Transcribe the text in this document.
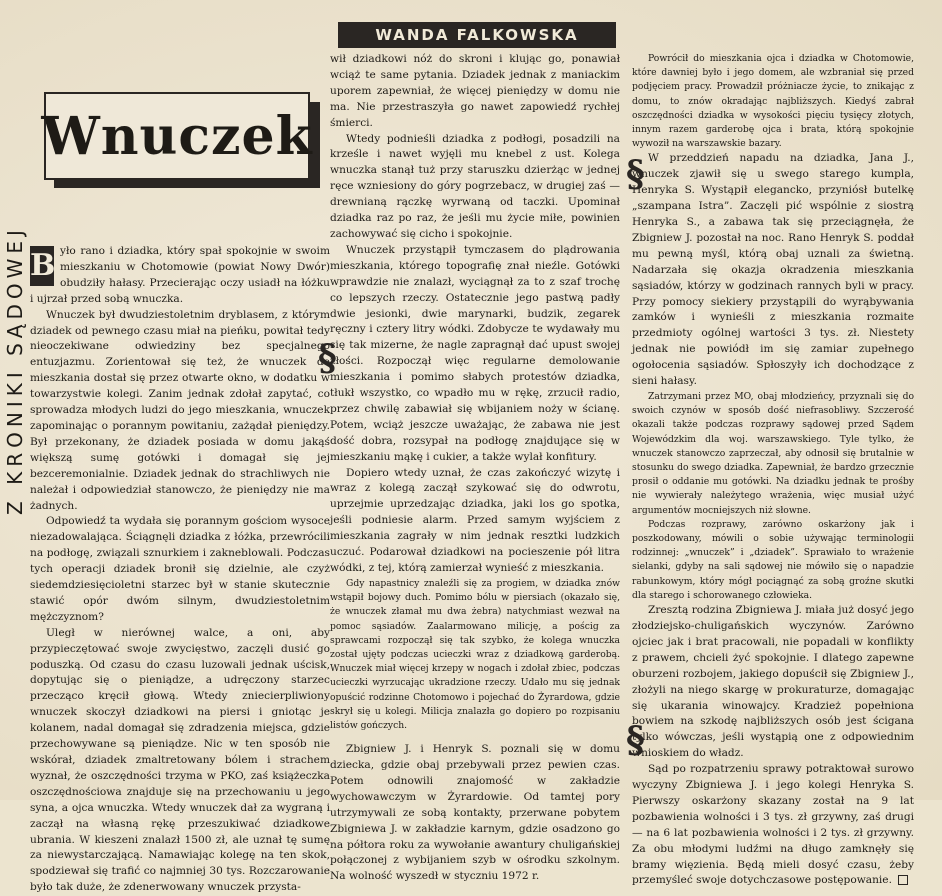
Z KRONIKI SĄDOWEJ
WANDA FALKOWSKA
Wnuczek

B yło rano i dziadka, który spał spokojnie w swoim mieszkaniu w Chotomowie (powiat Nowy Dwór) obudziły hałasy. Przecierając oczy usiadł na łóżku i ujrzał przed sobą wnuczka.

Wnuczek był dwudziestoletnim dryblasem, z którym dziadek od pewnego czasu miał na pieńku, powitał tedy nieoczekiwane odwiedziny bez specjalnego entuzjazmu. Zorientował się też, że wnuczek do mieszkania dostał się przez otwarte okno, w dodatku w towarzystwie kolegi. Zanim jednak zdołał zapytać, co sprowadza młodych ludzi do jego mieszkania, wnuczek zapominając o porannym powitaniu, zażądał pieniędzy. Był przekonany, że dziadek posiada w domu jakąś większą sumę gotówki i domagał się jej bezceremonialnie. Dziadek jednak do strachliwych nie należał i odpowiedział stanowczo, że pieniędzy nie ma żadnych.

Odpowiedź ta wydała się porannym gościom wysoce niezadowalająca. Ściągnęli dziadka z łóżka, przewrócili na podłogę, związali sznurkiem i zakneblowali. Podczas tych operacji dziadek bronił się dzielnie, ale czyż siedemdziesięcioletni starzec był w stanie skutecznie stawić opór dwóm silnym, dwudziestoletnim mężczyznom?

Uległ w nierównej walce, a oni, aby przypieczętować swoje zwycięstwo, zaczęli dusić go poduszką. Od czasu do czasu luzowali jednak uścisk, dopytując się o pieniądze, a udręczony starzec przecząco kręcił głową. Wtedy zniecierpliwiony wnuczek skoczył dziadkowi na piersi i gniotąc je kolanem, nadal domagał się zdradzenia miejsca, gdzie przechowywane są pieniądze. Nic w ten sposób nie wskórał, dziadek zmaltretowany bólem i strachem wyznał, że oszczędności trzyma w PKO, zaś książeczka oszczędnościowa znajduje się na przechowaniu u jego syna, a ojca wnuczka. Wtedy wnuczek dał za wygraną i zaczął na własną rękę przeszukiwać dziadkowe ubrania. W kieszeni znalazł 1500 zł, ale uznał tę sumę za niewystarczającą. Namawiając kolegę na ten skok, spodziewał się trafić co najmniej 30 tys. Rozczarowanie było tak duże, że zdenerwowany wnuczek przysta-

wił dziadkowi nóż do skroni i klując go, ponawiał wciąż te same pytania. Dziadek jednak z maniackim uporem zapewniał, że więcej pieniędzy w domu nie ma. Nie przestraszyła go nawet zapowiedź rychłej śmierci.

Wtedy podnieśli dziadka z podłogi, posadzili na krześle i nawet wyjęli mu knebel z ust. Kolega wnuczka stanął tuż przy staruszku dzierżąc w jednej ręce wzniesiony do góry pogrzebacz, w drugiej zaś — drewnianą rączkę wyrwaną od taczki. Upominał dziadka raz po raz, że jeśli mu życie miłe, powinien zachowywać się cicho i spokojnie.

Wnuczek przystąpił tymczasem do plądrowania mieszkania, którego topografię znał nieźle. Gotówki wprawdzie nie znalazł, wyciągnął za to z szaf trochę co lepszych rzeczy. Ostatecznie jego pastwą padły dwie jesionki, dwie marynarki, budzik, zegarek ręczny i cztery litry wódki. Zdobycze te wydawały mu się tak mizerne, że nagle zapragnął dać upust swojej złości. Rozpoczął więc regularne demolowanie mieszkania i pomimo słabych protestów dziadka, tłukł wszystko, co wpadło mu w rękę, zrzucił radio, przez chwilę zabawiał się wbijaniem noży w ścianę. Potem, wciąż jeszcze uważając, że zabawa nie jest dość dobra, rozsypał na podłogę znajdujące się w mieszkaniu mąkę i cukier, a także wylał konfitury.

Dopiero wtedy uznał, że czas zakończyć wizytę i wraz z kolegą zaczął szykować się do odwrotu, uprzejmie uprzedzając dziadka, jaki los go spotka, jeśli podniesie alarm. Przed samym wyjściem z mieszkania zagrały w nim jednak resztki ludzkich uczuć. Podarował dziadkowi na pocieszenie pół litra wódki, z tej, którą zamierzał wynieść z mieszkania.

Gdy napastnicy znaleźli się za progiem, w dziadka znów wstąpił bojowy duch. Pomimo bólu w piersiach (okazało się, że wnuczek złamał mu dwa żebra) natychmiast wezwał na pomoc sąsiadów. Zaalarmowano milicję, a pościg za sprawcami rozpoczął się tak szybko, że kolega wnuczka został ujęty podczas ucieczki wraz z dziadkową garderobą. Wnuczek miał więcej krzepy w nogach i zdołał zbiec, podczas ucieczki wyrzucając ukradzione rzeczy. Udało mu się jednak opuścić rodzinne Chotomowo i pojechać do Żyrardowa, gdzie skrył się u kolegi. Milicja znalazła go dopiero po rozpisaniu listów gończych.

Zbigniew J. i Henryk S. poznali się w domu dziecka, gdzie obaj przebywali przez pewien czas. Potem odnowili znajomość w zakładzie wychowawczym w Żyrardowie. Od tamtej pory utrzymywali ze sobą kontakty, przerwane pobytem Zbigniewa J. w zakładzie karnym, gdzie osadzono go na półtora roku za wywołanie awantury chuligańskiej połączonej z wybijaniem szyb w ośrodku szkolnym. Na wolność wyszedł w styczniu 1972 r.

Powrócił do mieszkania ojca i dziadka w Chotomowie, które dawniej było i jego domem, ale wzbraniał się przed podjęciem pracy. Prowadził próżniacze życie, to znikając z domu, to znów okradając najbliższych. Kiedyś zabrał oszczędności dziadka w wysokości pięciu tysięcy złotych, innym razem garderobę ojca i brata, którą spokojnie wywoził na warszawskie bazary.

W przeddzień napadu na dziadka, Jana J., wnuczek zjawił się u swego starego kumpla, Henryka S. Wystąpił elegancko, przyniósł butelkę „szampana Istra”. Zaczęli pić wspólnie z siostrą Henryka S., a zabawa tak się przeciągnęła, że Zbigniew J. pozostał na noc. Rano Henryk S. poddał mu pewną myśl, którą obaj uznali za świetną. Nadarzała się okazja okradzenia mieszkania sąsiadów, którzy w godzinach rannych byli w pracy. Przy pomocy siekiery przystąpili do wyrąbywania zamków i wynieśli z mieszkania rozmaite przedmioty ogólnej wartości 3 tys. zł. Niestety jednak nie powiódł im się zamiar zupełnego ogołocenia sąsiadów. Spłoszyły ich dochodzące z sieni hałasy.

Zatrzymani przez MO, obaj młodzieńcy, przyznali się do swoich czynów w sposób dość niefrasobliwy. Szczerość okazali także podczas rozprawy sądowej przed Sądem Wojewódzkim dla woj. warszawskiego. Tyle tylko, że wnuczek stanowczo zaprzeczał, aby odnosił się brutalnie w stosunku do swego dziadka. Zapewniał, że bardzo grzecznie prosił o oddanie mu gotówki. Na dziadku jednak te prośby nie wywierały należytego wrażenia, więc musiał użyć argumentów mocniejszych niż słowne.

Podczas rozprawy, zarówno oskarżony jak i poszkodowany, mówili o sobie używając terminologii rodzinnej: „wnuczek” i „dziadek”. Sprawiało to wrażenie sielanki, gdyby na sali sądowej nie mówiło się o napadzie rabunkowym, który mógł pociągnąć za sobą groźne skutki dla starego i schorowanego człowieka.

Zresztą rodzina Zbigniewa J. miała już dosyć jego złodziejsko-chuligańskich wyczynów. Zarówno ojciec jak i brat pracowali, nie popadali w konflikty z prawem, chcieli żyć spokojnie. I dlatego zapewne oburzeni rozbojem, jakiego dopuścił się Zbigniew J., złożyli na niego skargę w prokuraturze, domagając się ukarania winowajcy. Kradzież popełniona bowiem na szkodę najbliższych osób jest ścigana tylko wówczas, jeśli wystąpią one z odpowiednim wnioskiem do władz.

Sąd po rozpatrzeniu sprawy potraktował surowo wyczyny Zbigniewa J. i jego kolegi Henryka S. Pierwszy oskarżony skazany został na 9 lat pozbawienia wolności i 3 tys. zł grzywny, zaś drugi — na 6 lat pozbawienia wolności i 2 tys. zł grzywny. Za obu młodymi ludźmi na długo zamknęły się bramy więzienia. Będą mieli dosyć czasu, żeby przemyśleć swoje dotychczasowe postępowanie.

§
§
§
